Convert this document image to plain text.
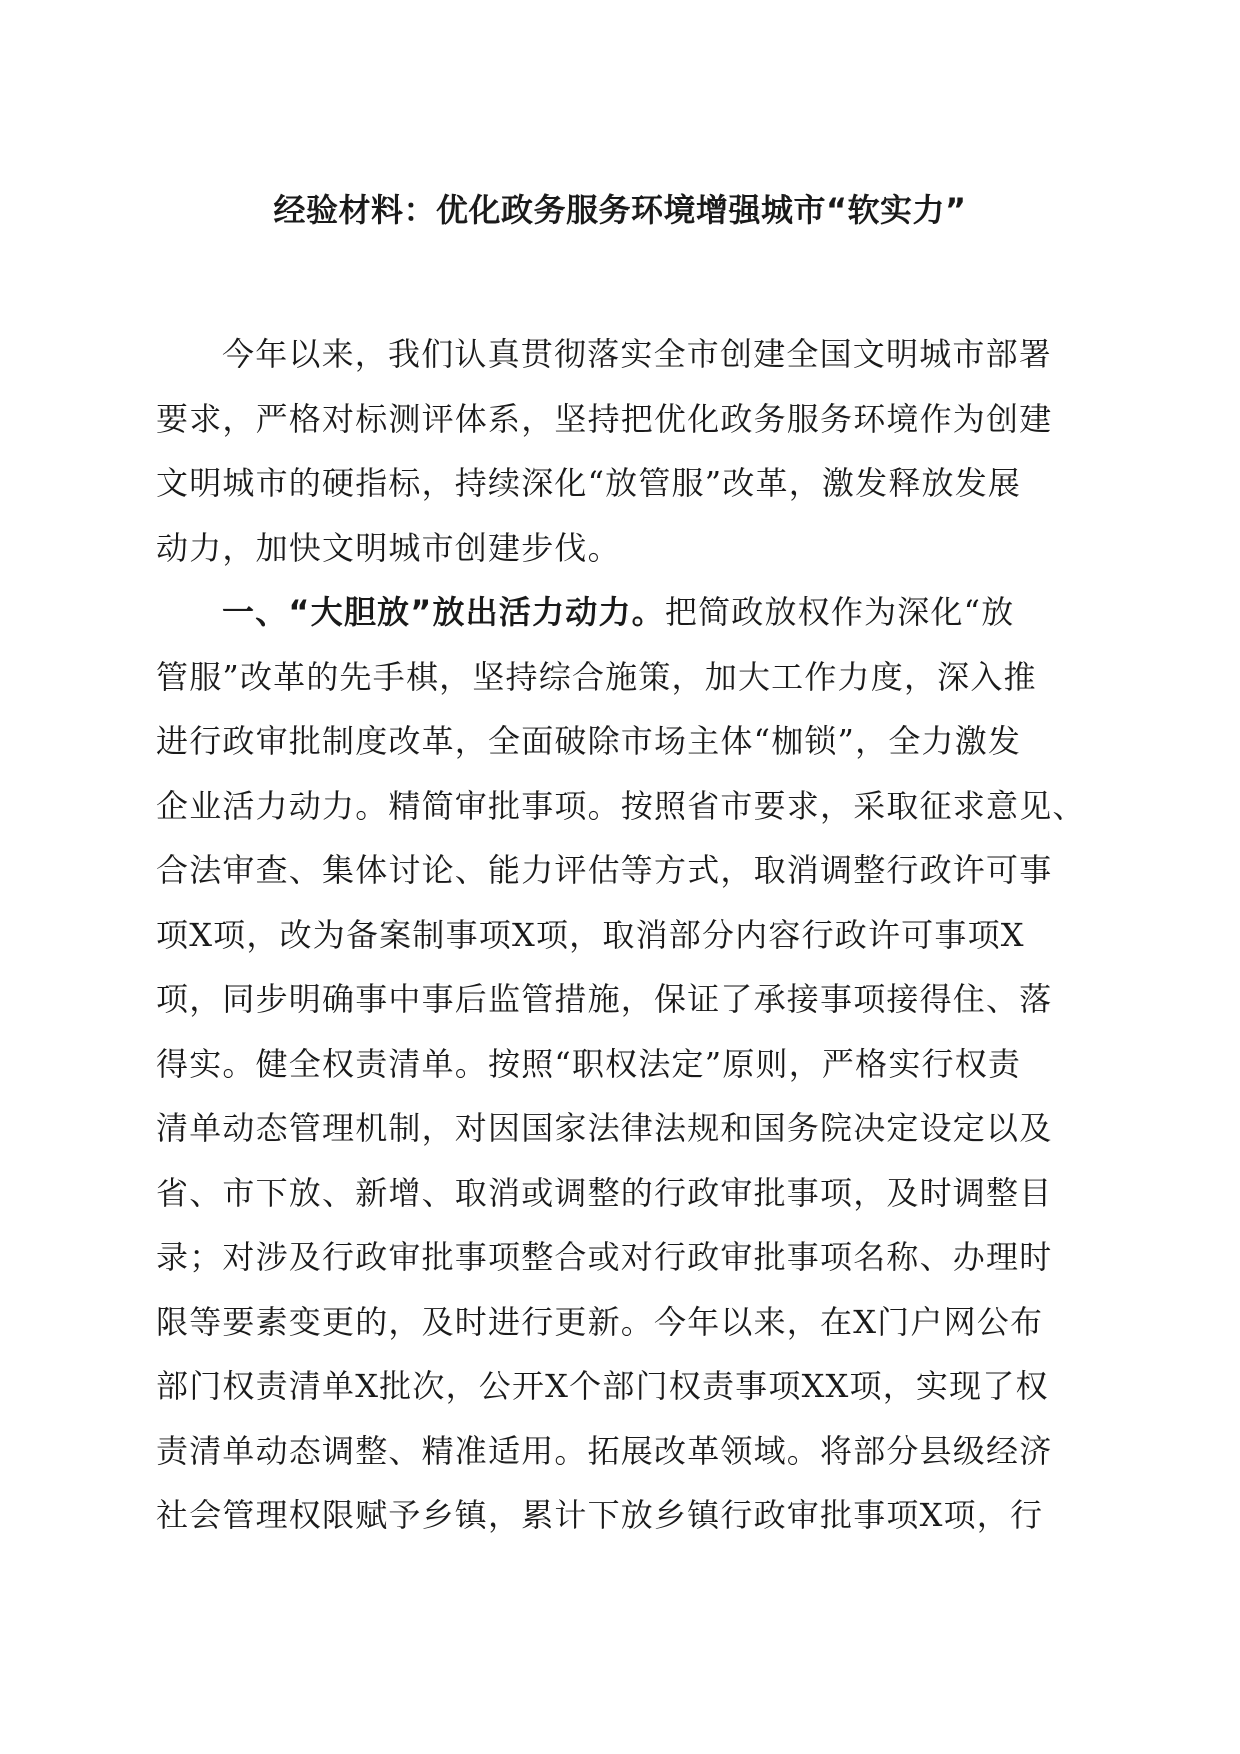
经验材料：优化政务服务环境增强城市“软实力”
今年以来，我们认真贯彻落实全市创建全国文明城市部署
要求，严格对标测评体系，坚持把优化政务服务环境作为创建
文明城市的硬指标，持续深化“放管服”改革，激发释放发展
动力，加快文明城市创建步伐。
一、“大胆放”放出活力动力。把简政放权作为深化“放
管服”改革的先手棋，坚持综合施策，加大工作力度，深入推
进行政审批制度改革，全面破除市场主体“枷锁”，全力激发
企业活力动力。精简审批事项。按照省市要求，采取征求意见、
合法审查、集体讨论、能力评估等方式，取消调整行政许可事
项X项，改为备案制事项X项，取消部分内容行政许可事项X
项，同步明确事中事后监管措施，保证了承接事项接得住、落
得实。健全权责清单。按照“职权法定”原则，严格实行权责
清单动态管理机制，对因国家法律法规和国务院决定设定以及
省、市下放、新增、取消或调整的行政审批事项，及时调整目
录；对涉及行政审批事项整合或对行政审批事项名称、办理时
限等要素变更的，及时进行更新。今年以来，在X门户网公布
部门权责清单X批次，公开X个部门权责事项XX项，实现了权
责清单动态调整、精准适用。拓展改革领域。将部分县级经济
社会管理权限赋予乡镇，累计下放乡镇行政审批事项X项，行
